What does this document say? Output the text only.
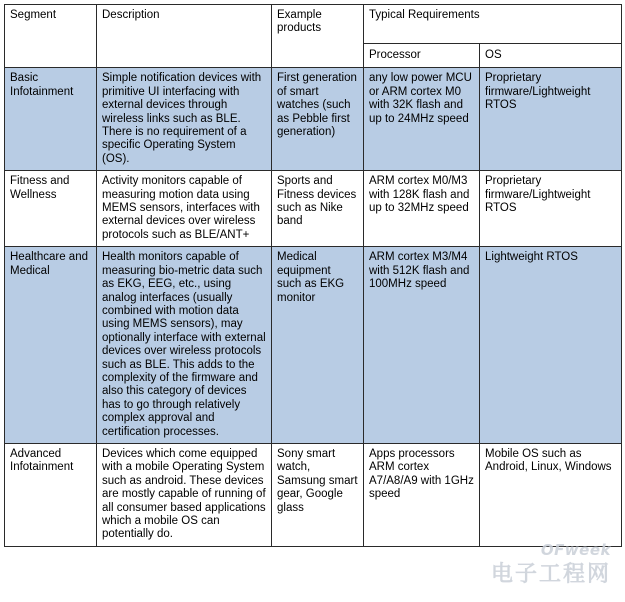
Segment	Description	Example products	Typical Requirements	
			Processor	OS
Basic Infotainment	Simple notification devices with primitive UI interfacing with external devices through wireless links such as BLE. There is no requirement of a specific Operating System (OS).	First generation of smart watches (such as Pebble first generation)	any low power MCU or ARM cortex M0 with 32K flash and up to 24MHz speed	Proprietary firmware/Lightweight RTOS
Fitness and Wellness	Activity monitors capable of measuring motion data using MEMS sensors, interfaces with external devices over wireless protocols such as BLE/ANT+	Sports and Fitness devices such as Nike band	ARM cortex M0/M3 with 128K flash and up to 32MHz speed	Proprietary firmware/Lightweight RTOS
Healthcare and Medical	Health monitors capable of measuring bio-metric data such as EKG, EEG, etc., using analog interfaces (usually combined with motion data using MEMS sensors), may optionally interface with external devices over wireless protocols such as BLE. This adds to the complexity of the firmware and also this category of devices has to go through relatively complex approval and certification processes.	Medical equipment such as EKG monitor	ARM cortex M3/M4 with 512K flash and 100MHz speed	Lightweight RTOS
Advanced Infotainment	Devices which come equipped with a mobile Operating System such as android. These devices are mostly capable of running of all consumer based applications which a mobile OS can potentially do.	Sony smart watch, Samsung smart gear, Google glass	Apps processors ARM cortex A7/A8/A9 with 1GHz speed	Mobile OS such as Android, Linux, Windows
OFweek
电子工程网
